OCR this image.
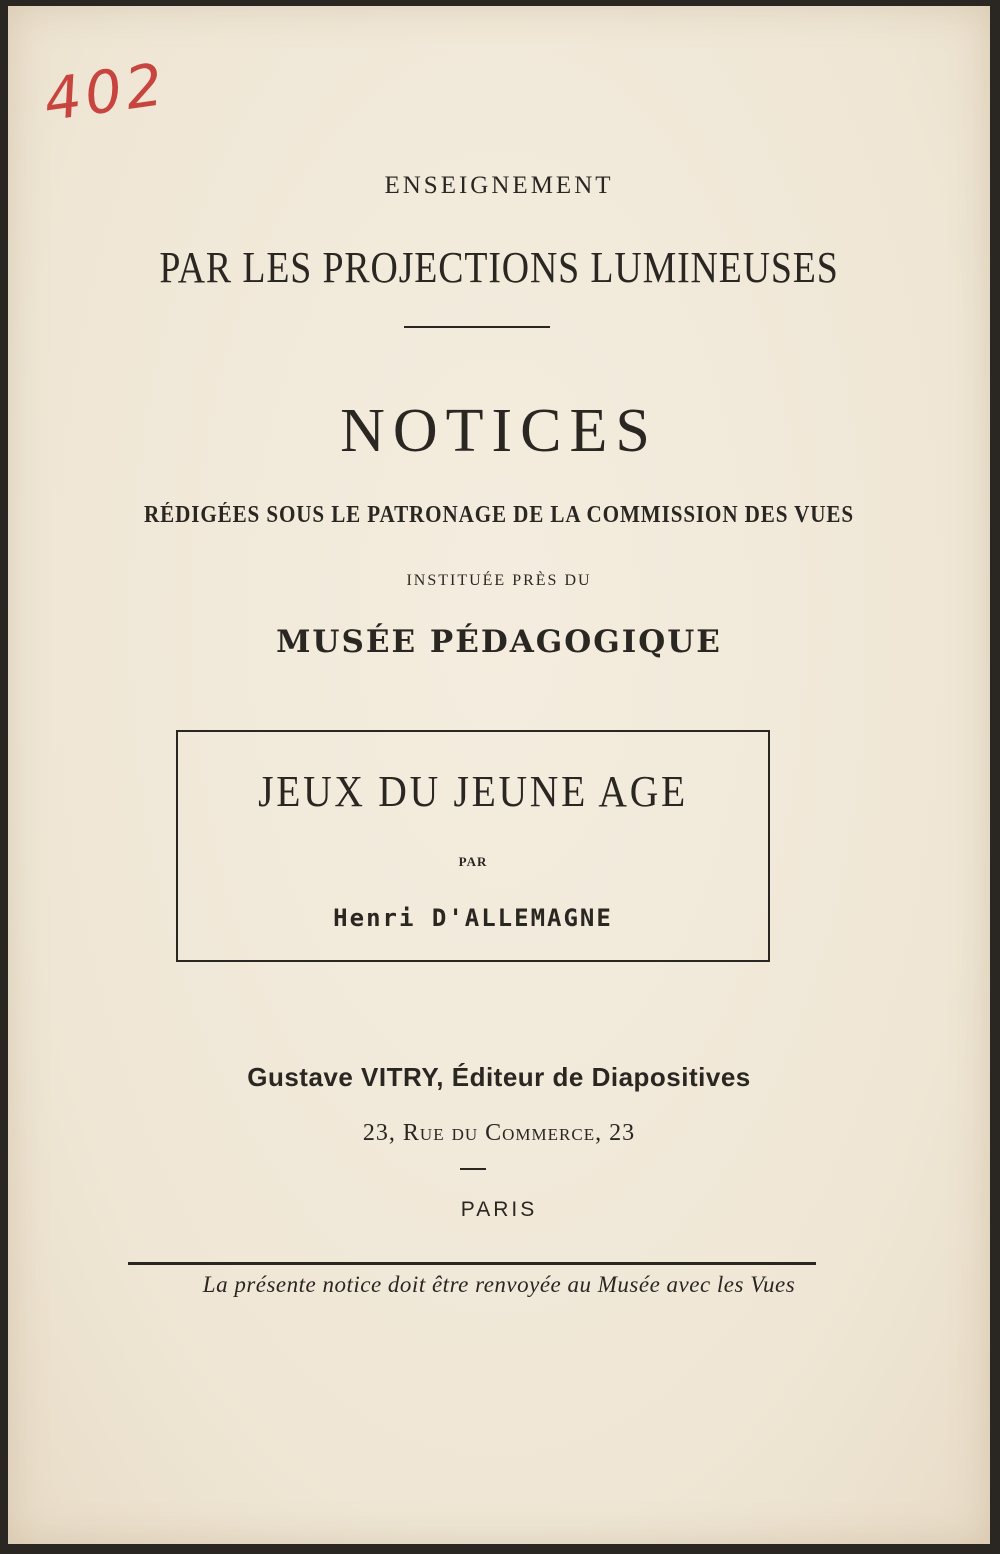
402
ENSEIGNEMENT
PAR LES PROJECTIONS LUMINEUSES
NOTICES
RÉDIGÉES SOUS LE PATRONAGE DE LA COMMISSION DES VUES
INSTITUÉE PRÈS DU
MUSÉE PÉDAGOGIQUE
JEUX DU JEUNE AGE
PAR
Henri D'ALLEMAGNE
Gustave VITRY, Éditeur de Diapositives
23, Rue du Commerce, 23
PARIS
La présente notice doit être renvoyée au Musée avec les Vues
